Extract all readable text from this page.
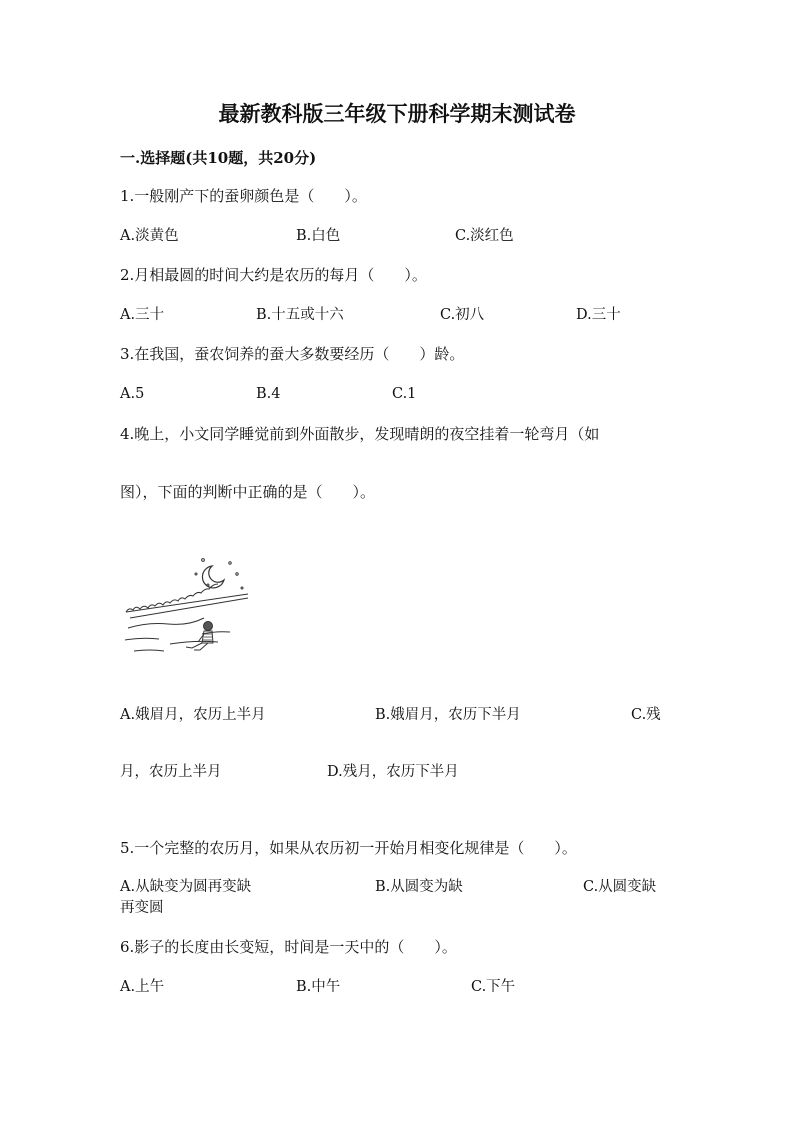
最新教科版三年级下册科学期末测试卷
一.选择题(共10题，共20分)
1.一般刚产下的蚕卵颜色是（　　）。
A.淡黄色	B.白色	C.淡红色
2.月相最圆的时间大约是农历的每月（　　）。
A.三十	B.十五或十六	C.初八	D.三十
3.在我国，蚕农饲养的蚕大多数要经历（　　）龄。
A.5	B.4	C.1
4.晚上，小文同学睡觉前到外面散步，发现晴朗的夜空挂着一轮弯月（如
图），下面的判断中正确的是（　　）。
A.娥眉月，农历上半月	B.娥眉月，农历下半月	C.残
月，农历上半月	D.残月，农历下半月
5.一个完整的农历月，如果从农历初一开始月相变化规律是（　　）。
A.从缺变为圆再变缺	B.从圆变为缺	C.从圆变缺
再变圆
6.影子的长度由长变短，时间是一天中的（　　）。
A.上午	B.中午	C.下午
